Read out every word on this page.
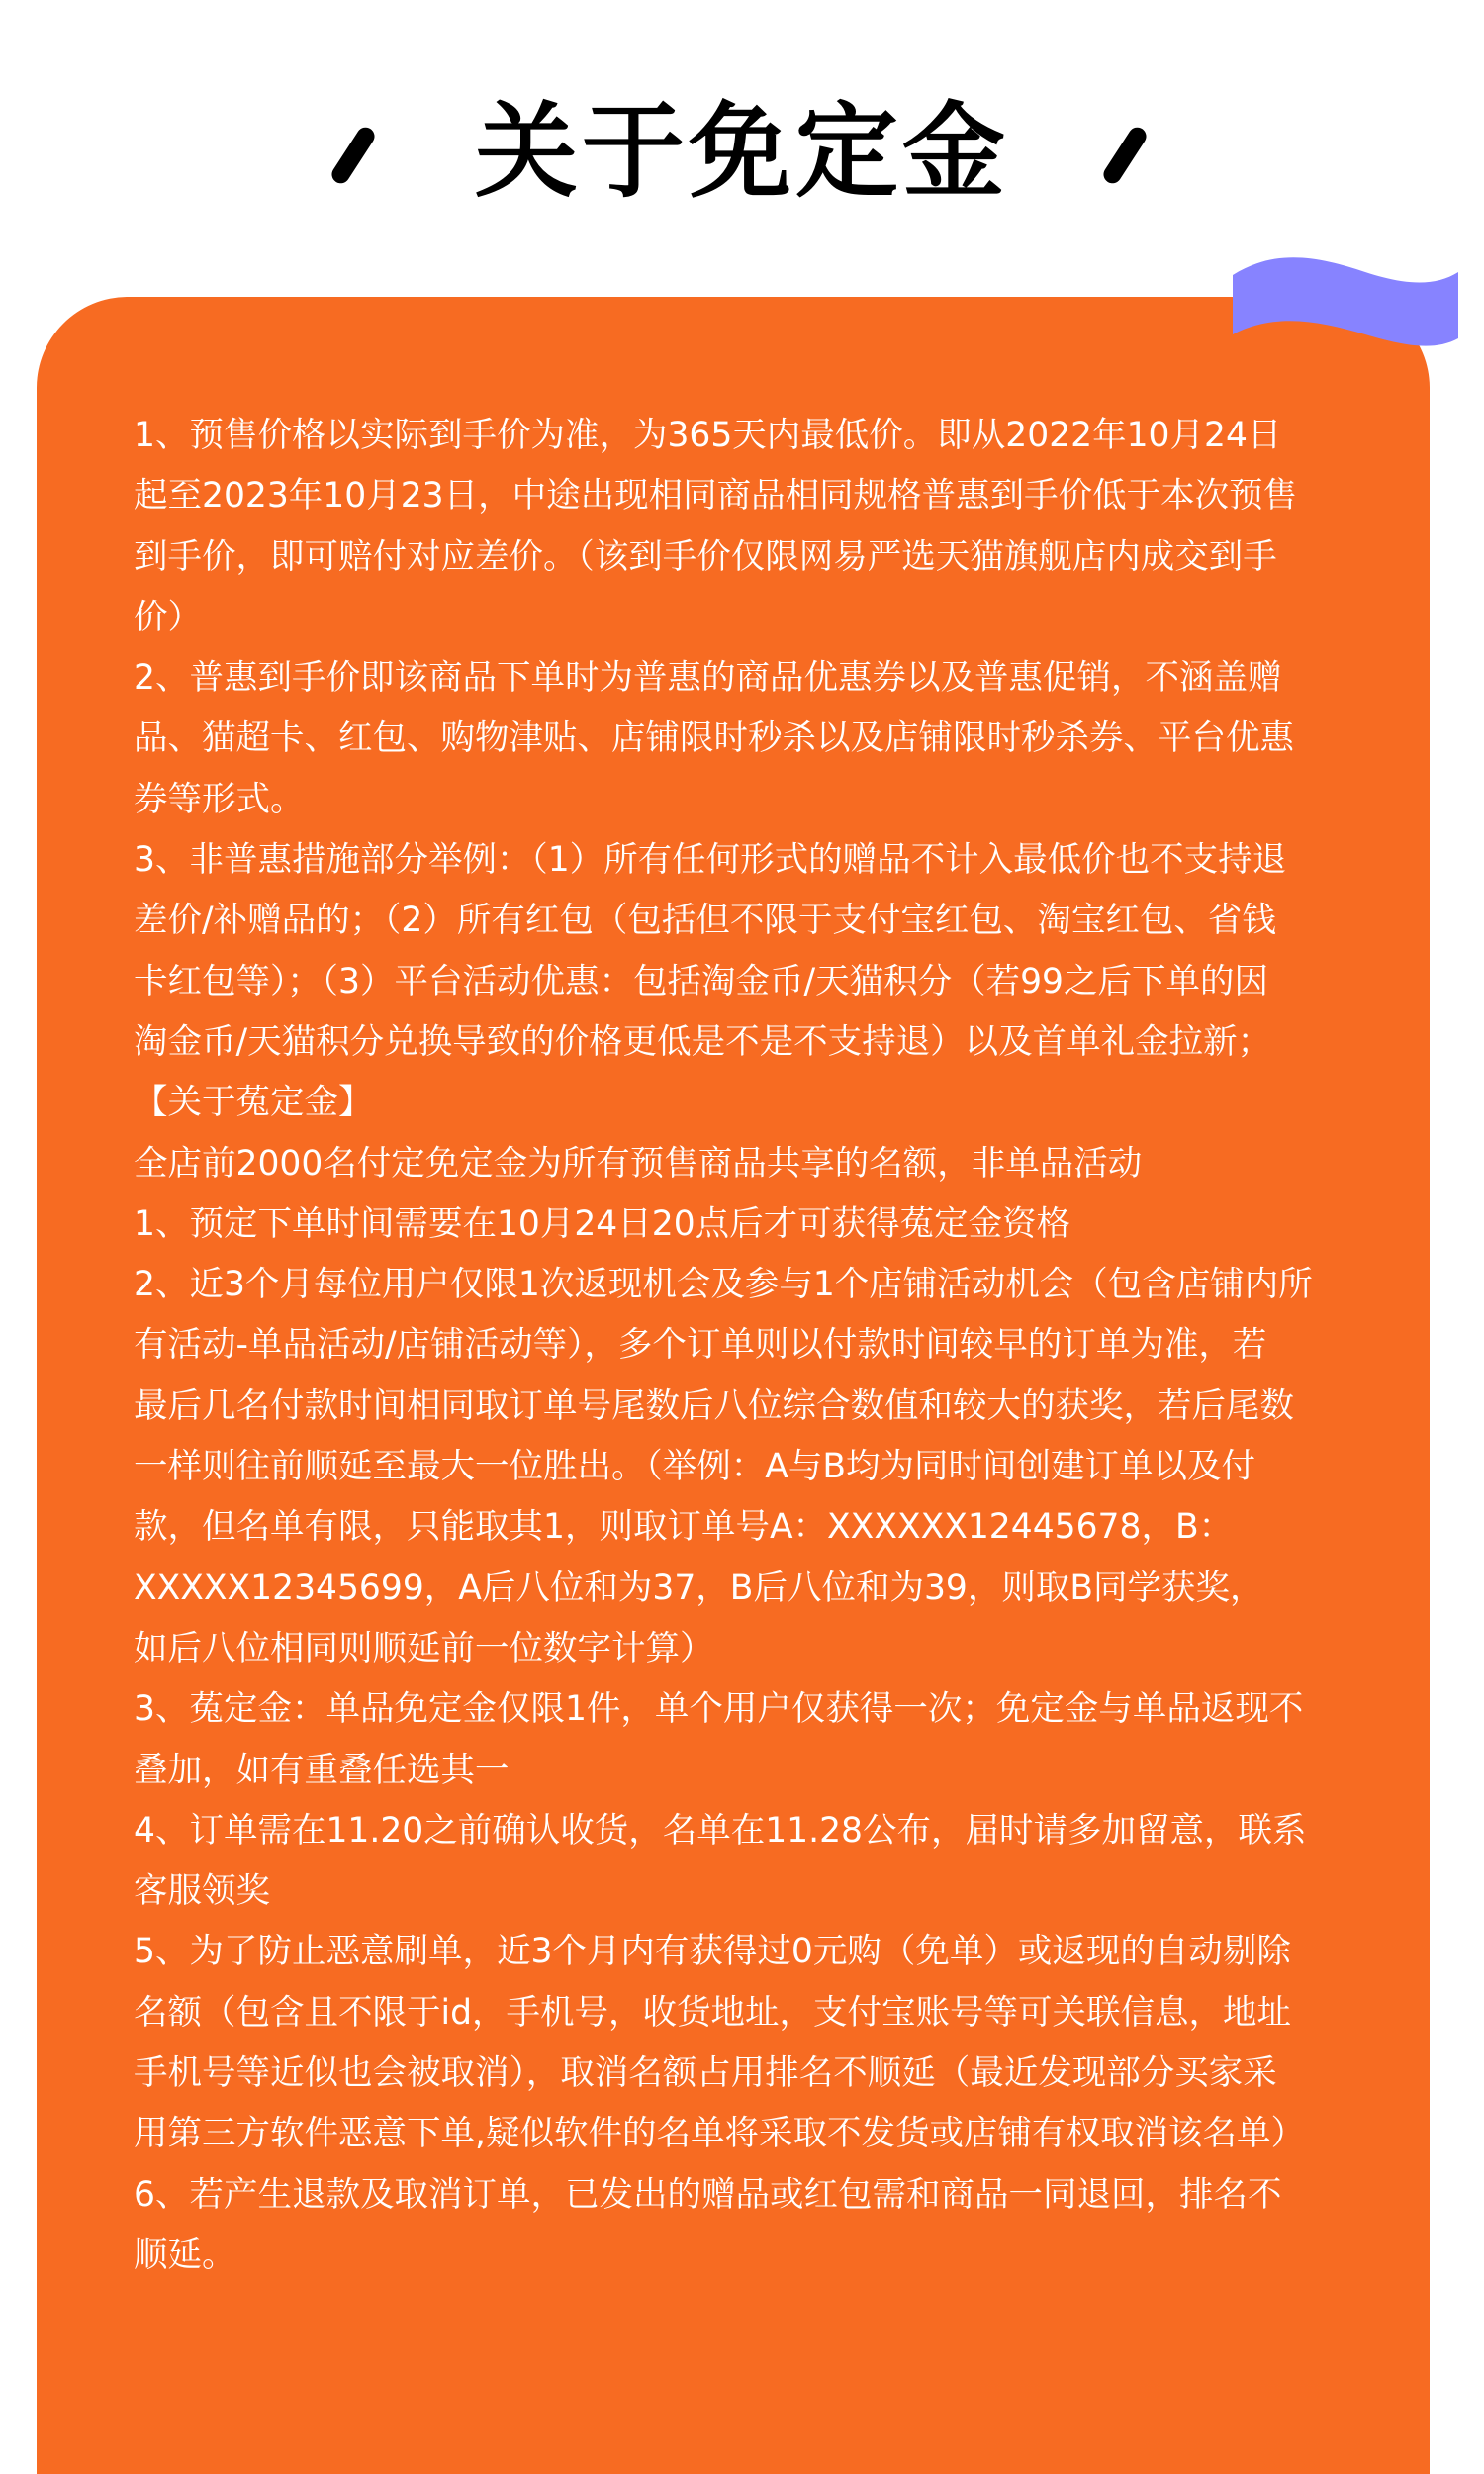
关于免定金
1、预售价格以实际到手价为准，为365天内最低价。即从2022年10月24日
起至2023年10月23日，中途出现相同商品相同规格普惠到手价低于本次预售
到手价，即可赔付对应差价。（该到手价仅限网易严选天猫旗舰店内成交到手
价）
2、普惠到手价即该商品下单时为普惠的商品优惠券以及普惠促销，不涵盖赠
品、猫超卡、红包、购物津贴、店铺限时秒杀以及店铺限时秒杀券、平台优惠
券等形式。
3、非普惠措施部分举例：（1）所有任何形式的赠品不计入最低价也不支持退
差价/补赠品的；（2）所有红包（包括但不限于支付宝红包、淘宝红包、省钱
卡红包等）；（3）平台活动优惠：包括淘金币/天猫积分（若99之后下单的因
淘金币/天猫积分兑换导致的价格更低是不是不支持退）以及首单礼金拉新；
【关于菟定金】
全店前2000名付定免定金为所有预售商品共享的名额，非单品活动
1、预定下单时间需要在10月24日20点后才可获得菟定金资格
2、近3个月每位用户仅限1次返现机会及参与1个店铺活动机会（包含店铺内所
有活动-单品活动/店铺活动等），多个订单则以付款时间较早的订单为准，若
最后几名付款时间相同取订单号尾数后八位综合数值和较大的获奖，若后尾数
一样则往前顺延至最大一位胜出。（举例：A与B均为同时间创建订单以及付
款，但名单有限，只能取其1，则取订单号A：XXXXXX12445678，B：
XXXXX12345699，A后八位和为37，B后八位和为39，则取B同学获奖，
如后八位相同则顺延前一位数字计算）
3、菟定金：单品免定金仅限1件，单个用户仅获得一次；免定金与单品返现不
叠加，如有重叠任选其一
4、订单需在11.20之前确认收货，名单在11.28公布，届时请多加留意，联系
客服领奖
5、为了防止恶意刷单，近3个月内有获得过0元购（免单）或返现的自动剔除
名额（包含且不限于id，手机号，收货地址，支付宝账号等可关联信息，地址
手机号等近似也会被取消），取消名额占用排名不顺延（最近发现部分买家采
用第三方软件恶意下单,疑似软件的名单将采取不发货或店铺有权取消该名单）
6、若产生退款及取消订单，已发出的赠品或红包需和商品一同退回，排名不
顺延。
